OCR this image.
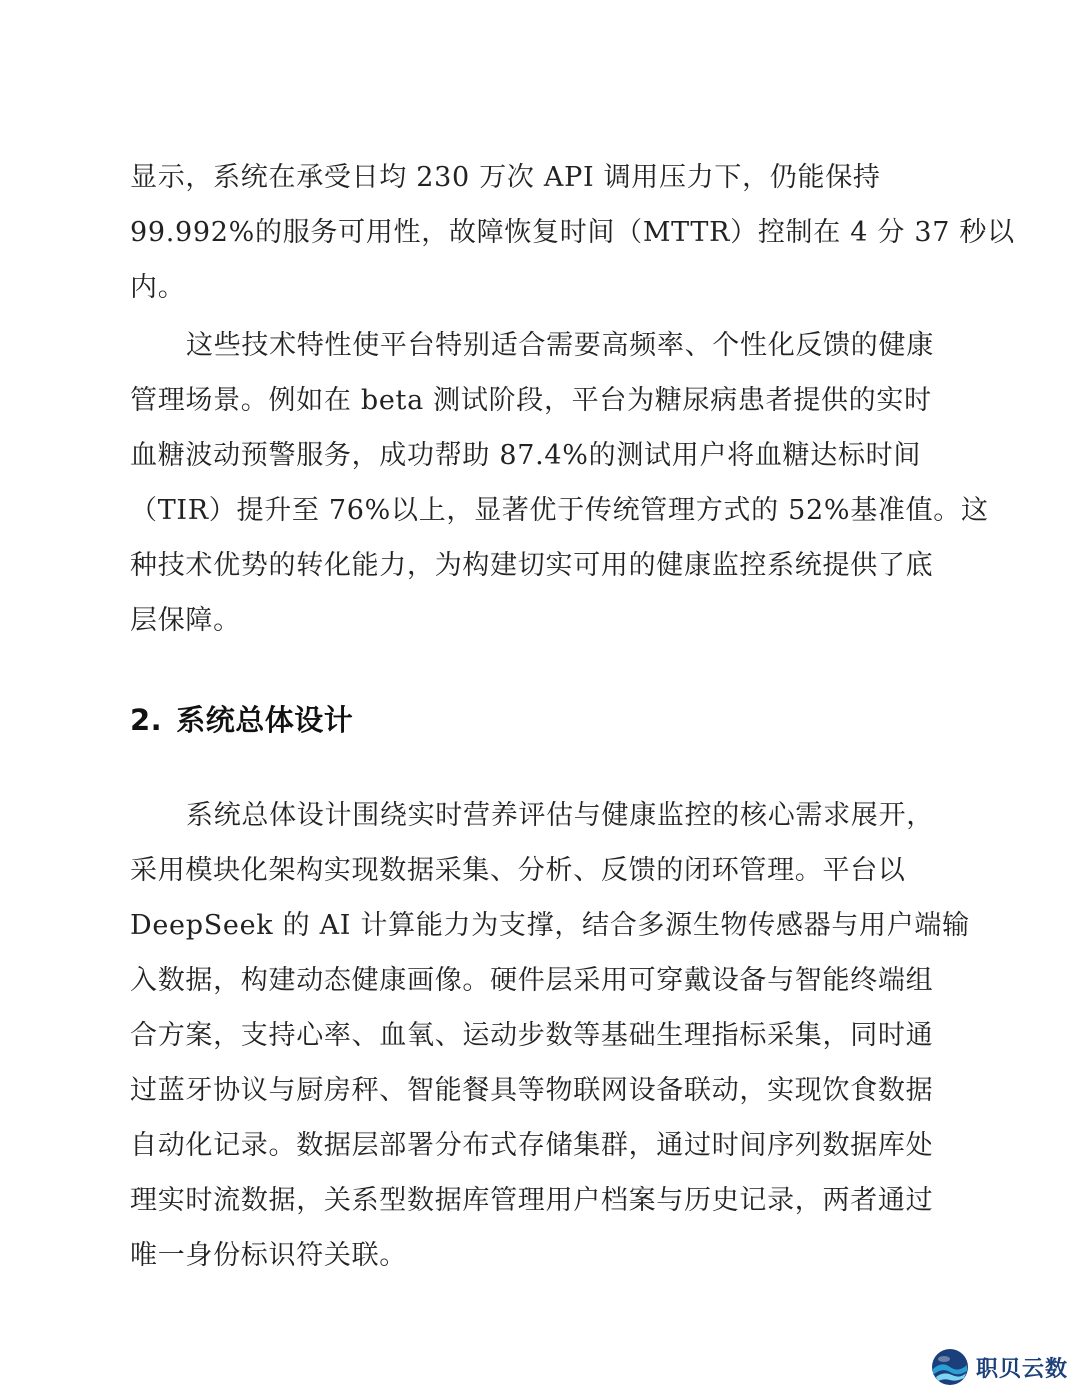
显示，系统在承受日均 230 万次 API 调用压力下，仍能保持
99.992%的服务可用性，故障恢复时间（MTTR）控制在 4 分 37 秒以
内。
这些技术特性使平台特别适合需要高频率、个性化反馈的健康
管理场景。例如在 beta 测试阶段，平台为糖尿病患者提供的实时
血糖波动预警服务，成功帮助 87.4%的测试用户将血糖达标时间
（TIR）提升至 76%以上，显著优于传统管理方式的 52%基准值。这
种技术优势的转化能力，为构建切实可用的健康监控系统提供了底
层保障。
2. 系统总体设计
系统总体设计围绕实时营养评估与健康监控的核心需求展开，
采用模块化架构实现数据采集、分析、反馈的闭环管理。平台以
DeepSeek 的 AI 计算能力为支撑，结合多源生物传感器与用户端输
入数据，构建动态健康画像。硬件层采用可穿戴设备与智能终端组
合方案，支持心率、血氧、运动步数等基础生理指标采集，同时通
过蓝牙协议与厨房秤、智能餐具等物联网设备联动，实现饮食数据
自动化记录。数据层部署分布式存储集群，通过时间序列数据库处
理实时流数据，关系型数据库管理用户档案与历史记录，两者通过
唯一身份标识符关联。
职贝云数
